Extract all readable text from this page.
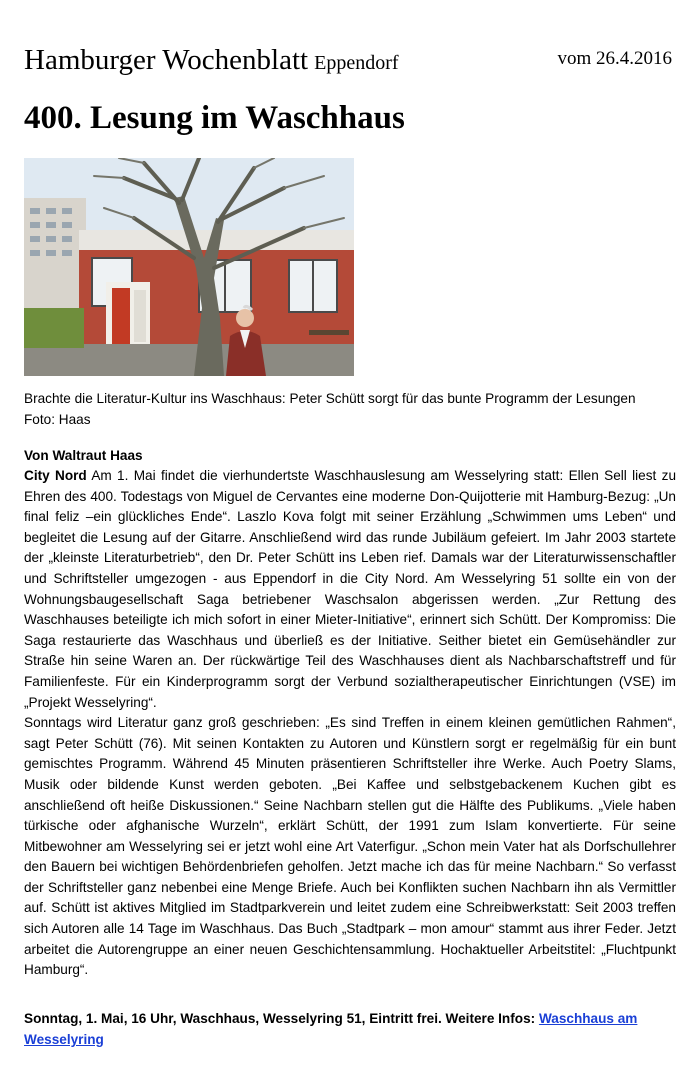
Hamburger Wochenblatt Eppendorf	vom 26.4.2016
400. Lesung im Waschhaus

Brachte die Literatur-Kultur ins Waschhaus: Peter Schütt sorgt für das bunte Programm der Lesungen
Foto: Haas

Von Waltraut Haas

City Nord Am 1. Mai findet die vierhundertste Waschhauslesung am Wesselyring statt: Ellen Sell liest zu Ehren des 400. Todestags von Miguel de Cervantes eine moderne Don-Quijotterie mit Hamburg-Bezug: „Un final feliz –ein glückliches Ende“. Laszlo Kova folgt mit seiner Erzählung „Schwimmen ums Leben“ und begleitet die Lesung auf der Gitarre. Anschließend wird das runde Jubiläum gefeiert. Im Jahr 2003 startete der „kleinste Literaturbetrieb“, den Dr. Peter Schütt ins Leben rief. Damals war der Literaturwissenschaftler und Schriftsteller umgezogen - aus Eppendorf in die City Nord. Am Wesselyring 51 sollte ein von der Wohnungsbaugesellschaft Saga betriebener Waschsalon abgerissen werden. „Zur Rettung des Waschhauses beteiligte ich mich sofort in einer Mieter-Initiative“, erinnert sich Schütt. Der Kompromiss: Die Saga restaurierte das Waschhaus und überließ es der Initiative. Seither bietet ein Gemüsehändler zur Straße hin seine Waren an. Der rückwärtige Teil des Waschhauses dient als Nachbarschaftstreff und für Familienfeste. Für ein Kinderprogramm sorgt der Verbund sozialtherapeutischer Einrichtungen (VSE) im „Projekt Wesselyring“.
Sonntags wird Literatur ganz groß geschrieben: „Es sind Treffen in einem kleinen gemütlichen Rahmen“, sagt Peter Schütt (76). Mit seinen Kontakten zu Autoren und Künstlern sorgt er regelmäßig für ein bunt gemischtes Programm. Während 45 Minuten präsentieren Schriftsteller ihre Werke. Auch Poetry Slams, Musik oder bildende Kunst werden geboten. „Bei Kaffee und selbstgebackenem Kuchen gibt es anschließend oft heiße Diskussionen.“ Seine Nachbarn stellen gut die Hälfte des Publikums. „Viele haben türkische oder afghanische Wurzeln“, erklärt Schütt, der 1991 zum Islam konvertierte. Für seine Mitbewohner am Wesselyring sei er jetzt wohl eine Art Vaterfigur. „Schon mein Vater hat als Dorfschullehrer den Bauern bei wichtigen Behördenbriefen geholfen. Jetzt mache ich das für meine Nachbarn.“ So verfasst der Schriftsteller ganz nebenbei eine Menge Briefe. Auch bei Konflikten suchen Nachbarn ihn als Vermittler auf. Schütt ist aktives Mitglied im Stadtparkverein und leitet zudem eine Schreibwerkstatt: Seit 2003 treffen sich Autoren alle 14 Tage im Waschhaus. Das Buch „Stadtpark – mon amour“ stammt aus ihrer Feder. Jetzt arbeitet die Autorengruppe an einer neuen Geschichtensammlung. Hochaktueller Arbeitstitel: „Fluchtpunkt Hamburg“.

Sonntag, 1. Mai, 16 Uhr, Waschhaus, Wesselyring 51, Eintritt frei. Weitere Infos: Waschhaus am Wesselyring
